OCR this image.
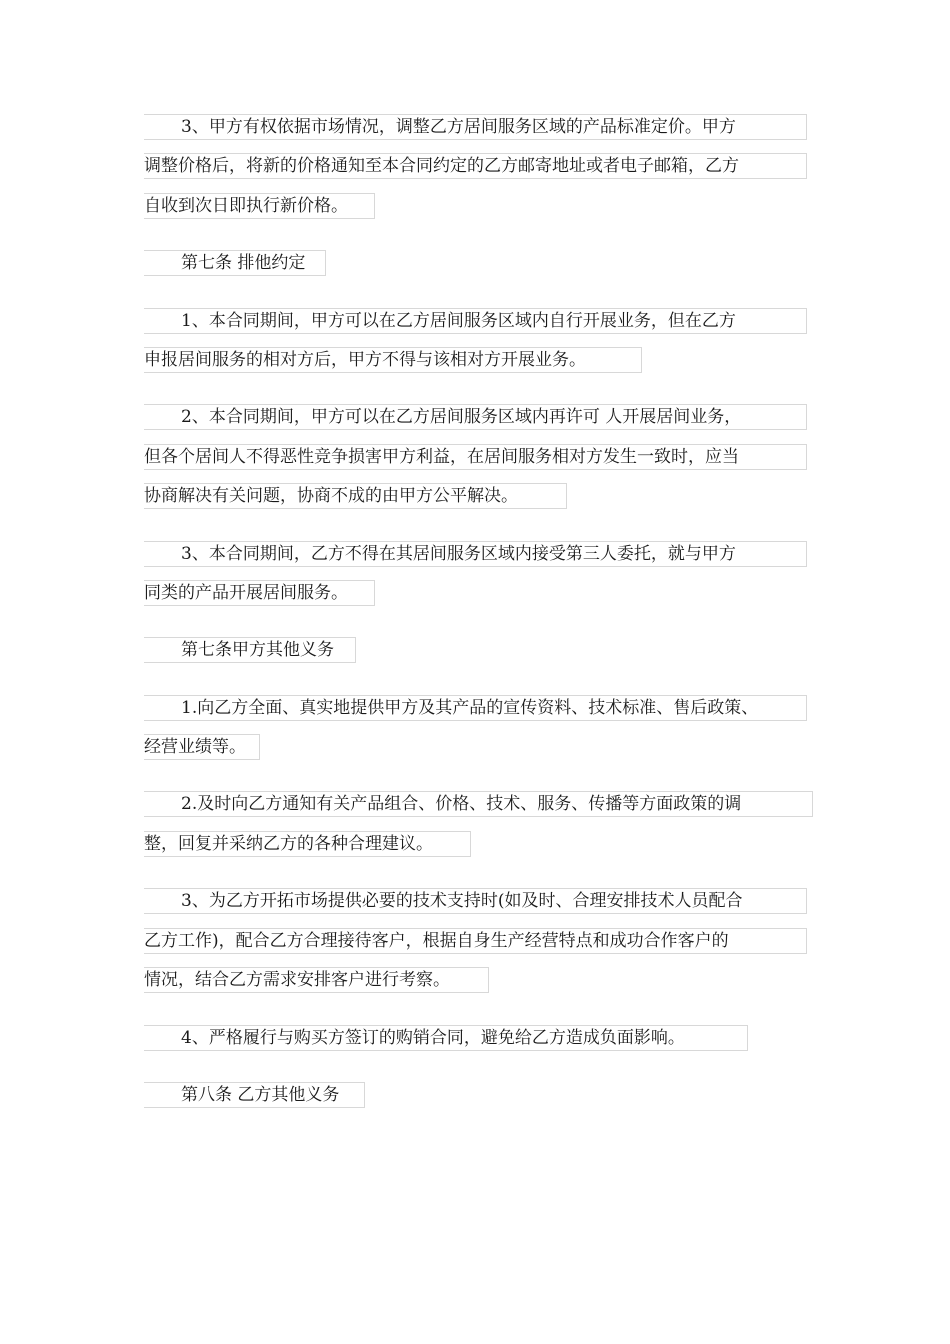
3、甲方有权依据市场情况，调整乙方居间服务区域的产品标准定价。甲方
调整价格后，将新的价格通知至本合同约定的乙方邮寄地址或者电子邮箱，乙方
自收到次日即执行新价格。
第七条 排他约定
1、本合同期间，甲方可以在乙方居间服务区域内自行开展业务，但在乙方
申报居间服务的相对方后，甲方不得与该相对方开展业务。
2、本合同期间，甲方可以在乙方居间服务区域内再许可 人开展居间业务，
但各个居间人不得恶性竞争损害甲方利益，在居间服务相对方发生一致时，应当
协商解决有关问题，协商不成的由甲方公平解决。
3、本合同期间，乙方不得在其居间服务区域内接受第三人委托，就与甲方
同类的产品开展居间服务。
第七条甲方其他义务
1.向乙方全面、真实地提供甲方及其产品的宣传资料、技术标准、售后政策、
经营业绩等。
2.及时向乙方通知有关产品组合、价格、技术、服务、传播等方面政策的调
整，回复并采纳乙方的各种合理建议。
3、为乙方开拓市场提供必要的技术支持时(如及时、合理安排技术人员配合
乙方工作)，配合乙方合理接待客户，根据自身生产经营特点和成功合作客户的
情况，结合乙方需求安排客户进行考察。
4、严格履行与购买方签订的购销合同，避免给乙方造成负面影响。
第八条 乙方其他义务
